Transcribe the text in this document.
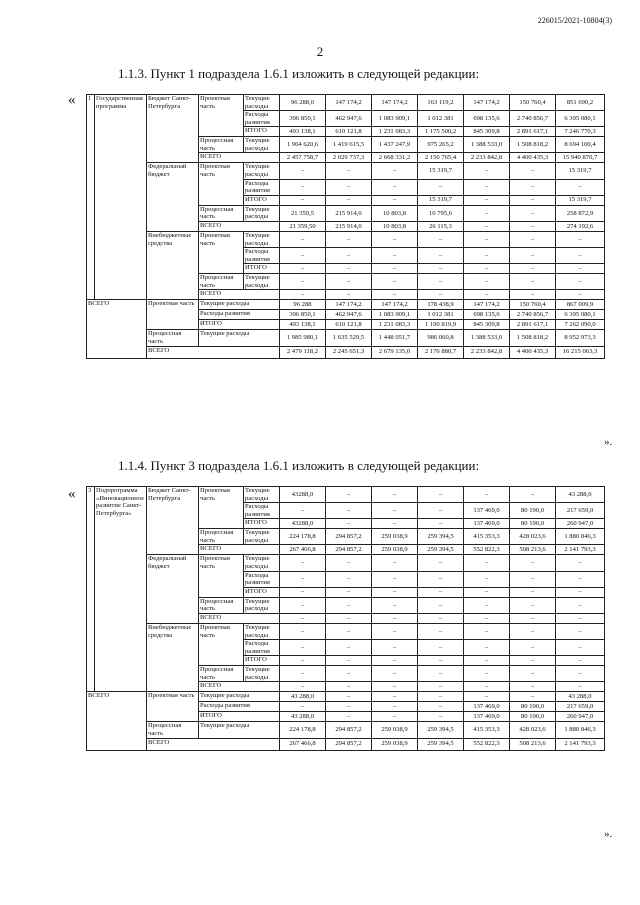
226015/2021-10804(3)
2
1.1.3. Пункт 1 подраздела 1.6.1 изложить в следующей редакции:
« 1	Государственная программа	Бюджет Санкт-Петербурга	Проектная часть	Текущие расходы	96 288,0	147 174,2	147 174,2	163 119,2	147 174,2	150 760,4	851 690,2
				Расходы развития	396 850,1	462 947,6	1 083 909,1	1 012 381	698 135,6	2 740 856,7	6 395 080,1
				ИТОГО	493 138,1	610 121,8	1 231 083,3	1 175 500,2	845 309,8	2 891 617,1	7 246 770,3
			Процессная часть	Текущие расходы	1 964 620,6	1 419 615,5	1 437 247,9	975 265,2	1 388 533,0	1 508 818,2	8 694 100,4
			ВСЕГО		2 457 758,7	2 029 737,3	2 668 331,2	2 150 765,4	2 233 842,8	4 400 435,3	15 940 870,7
		Федеральный бюджет	Проектная часть	Текущие расходы	–	–	–	15 319,7	–	–	15 319,7
				Расходы развития	–	–	–	–	–	–	–
				ИТОГО	–	–	–	15 319,7	–	–	15 319,7
			Процессная часть	Текущие расходы	21 359,5	215 914,0	10 803,8	10 795,6	–	–	258 872,9
			ВСЕГО		21 359,50	215 914,0	10 803,8	26 115,3	–	–	274 192,6
		Внебюджетные средства	Проектная часть	Текущие расходы	–	–	–	–	–	–	–
				Расходы развития	–	–	–	–	–	–	–
				ИТОГО	–	–	–	–	–	–	–
			Процессная часть	Текущие расходы	–	–	–	–	–	–	–
			ВСЕГО		–	–	–	–	–	–	–
ВСЕГО		Проектная часть	Текущие расходы		96 288	147 174,2	147 174,2	178 438,9	147 174,2	150 760,4	867 009,9
			Расходы развития		396 850,1	462 947,6	1 083 909,1	1 012 381	698 135,6	2 740 856,7	6 395 080,1
			ИТОГО		493 138,1	610 121,8	1 231 083,3	1 190 819,9	845 309,8	2 891 617,1	7 262 090,0
		Процессная часть	Текущие расходы		1 985 980,1	1 635 529,5	1 448 051,7	986 060,8	1 388 533,0	1 508 818,2	8 952 973,3
		ВСЕГО			2 479 118,2	2 245 651,3	2 679 135,0	2 176 880,7	2 233 842,8	4 400 435,3	16 215 063,3
».
1.1.4. Пункт 3 подраздела 1.6.1 изложить в следующей редакции:
« 3	Подпрограмма «Инновационное развитие Санкт-Петербурга»	Бюджет Санкт-Петербурга	Проектная часть	Текущие расходы	43288,0	–	–	–	–	–	43 288,0
				Расходы развития	–	–	–	–	137 469,0	80 190,0	217 659,0
				ИТОГО	43288,0	–	–	–	137 469,0	80 190,0	260 947,0
			Процессная часть	Текущие расходы	224 178,8	294 857,2	259 038,9	259 394,5	415 353,3	428 023,6	1 880 846,3
			ВСЕГО		267 466,8	294 857,2	259 038,9	259 394,5	552 822,3	508 213,6	2 141 793,3
		Федеральный бюджет	Проектная часть	Текущие расходы	–	–	–	–	–	–	–
				Расходы развития	–	–	–	–	–	–	–
				ИТОГО	–	–	–	–	–	–	–
			Процессная часть	Текущие расходы	–	–	–	–	–	–	–
			ВСЕГО		–	–	–	–	–	–	–
		Внебюджетные средства	Проектная часть	Текущие расходы	–	–	–	–	–	–	–
				Расходы развития	–	–	–	–	–	–	–
				ИТОГО	–	–	–	–	–	–	–
			Процессная часть	Текущие расходы	–	–	–	–	–	–	–
			ВСЕГО		–	–	–	–	–	–	–
ВСЕГО		Проектная часть	Текущие расходы		43 288,0	–	–	–	–	–	43 288,0
			Расходы развития		–	–	–	–	137 469,0	80 190,0	217 659,0
			ИТОГО		43 288,0	–	–	–	137 469,0	80 190,0	260 947,0
		Процессная часть	Текущие расходы		224 178,8	294 857,2	259 038,9	259 394,5	415 353,3	428 023,6	1 880 846,3
		ВСЕГО			267 466,8	294 857,2	259 038,9	259 394,5	552 822,3	508 213,6	2 141 793,3
».
